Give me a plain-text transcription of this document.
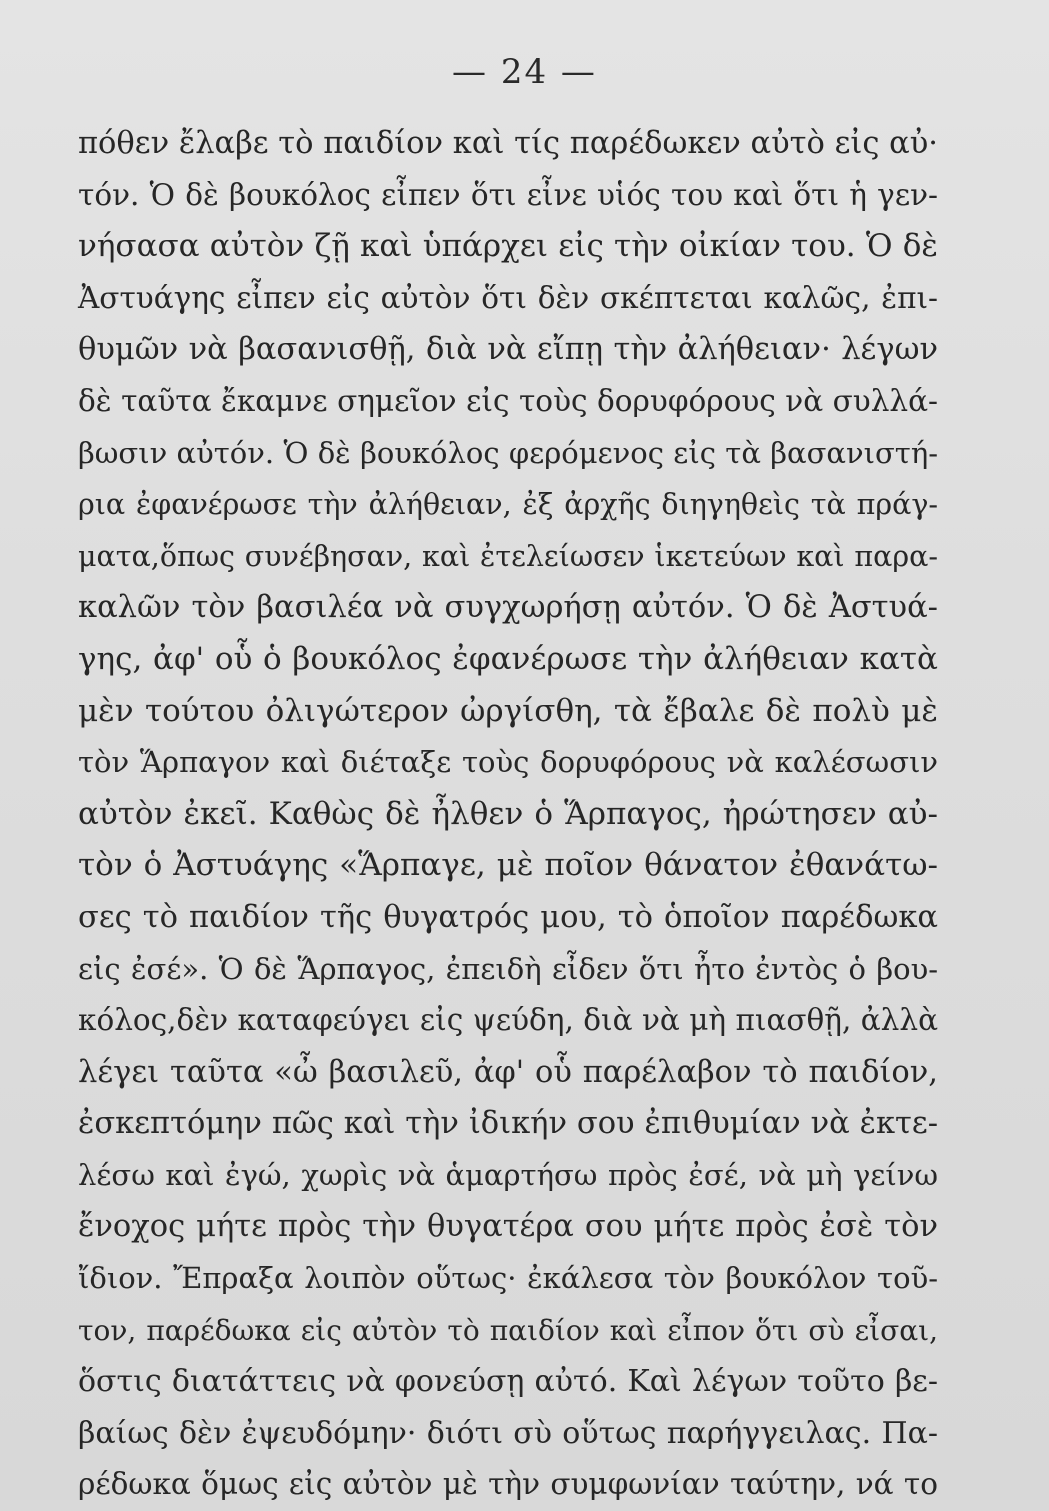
— 24 —
πόθεν ἔλαβε τὸ παιδίον καὶ τίς παρέδωκεν αὐτὸ εἰς αὐ·
τόν. Ὁ δὲ βουκόλος εἶπεν ὅτι εἶνε υἱός του καὶ ὅτι ἡ γεν-
νήσασα αὐτὸν ζῇ καὶ ὑπάρχει εἰς τὴν οἰκίαν του. Ὁ δὲ
Ἀστυάγης εἶπεν εἰς αὐτὸν ὅτι δὲν σκέπτεται καλῶς, ἐπι-
θυμῶν νὰ βασανισθῇ, διὰ νὰ εἴπῃ τὴν ἀλήθειαν· λέγων
δὲ ταῦτα ἔκαμνε σημεῖον εἰς τοὺς δορυφόρους νὰ συλλά-
βωσιν αὐτόν. Ὁ δὲ βουκόλος φερόμενος εἰς τὰ βασανιστή-
ρια ἐφανέρωσε τὴν ἀλήθειαν, ἐξ ἀρχῆς διηγηθεὶς τὰ πράγ-
ματα,ὅπως συνέβησαν, καὶ ἐτελείωσεν ἱκετεύων καὶ παρα-
καλῶν τὸν βασιλέα νὰ συγχωρήσῃ αὐτόν. Ὁ δὲ Ἀστυά-
γης, ἀφ' οὗ ὁ βουκόλος ἐφανέρωσε τὴν ἀλήθειαν κατὰ
μὲν τούτου ὀλιγώτερον ὠργίσθη, τὰ ἔβαλε δὲ πολὺ μὲ
τὸν Ἅρπαγον καὶ διέταξε τοὺς δορυφόρους νὰ καλέσωσιν
αὐτὸν ἐκεῖ. Καθὼς δὲ ἦλθεν ὁ Ἅρπαγος, ἠρώτησεν αὐ-
τὸν ὁ Ἀστυάγης «Ἅρπαγε, μὲ ποῖον θάνατον ἐθανάτω-
σες τὸ παιδίον τῆς θυγατρός μου, τὸ ὁποῖον παρέδωκα
εἰς ἐσέ». Ὁ δὲ Ἅρπαγος, ἐπειδὴ εἶδεν ὅτι ἦτο ἐντὸς ὁ βου-
κόλος,δὲν καταφεύγει εἰς ψεύδη, διὰ νὰ μὴ πιασθῇ, ἀλλὰ
λέγει ταῦτα «ὦ βασιλεῦ, ἀφ' οὗ παρέλαβον τὸ παιδίον,
ἐσκεπτόμην πῶς καὶ τὴν ἰδικήν σου ἐπιθυμίαν νὰ ἐκτε-
λέσω καὶ ἐγώ, χωρὶς νὰ ἁμαρτήσω πρὸς ἐσέ, νὰ μὴ γείνω
ἔνοχος μήτε πρὸς τὴν θυγατέρα σου μήτε πρὸς ἐσὲ τὸν
ἴδιον. Ἔπραξα λοιπὸν οὕτως· ἐκάλεσα τὸν βουκόλον τοῦ-
τον, παρέδωκα εἰς αὐτὸν τὸ παιδίον καὶ εἶπον ὅτι σὺ εἶσαι,
ὅστις διατάττεις νὰ φονεύσῃ αὐτό. Καὶ λέγων τοῦτο βε-
βαίως δὲν ἐψευδόμην· διότι σὺ οὕτως παρήγγειλας. Πα-
ρέδωκα ὅμως εἰς αὐτὸν μὲ τὴν συμφωνίαν ταύτην, νά το
